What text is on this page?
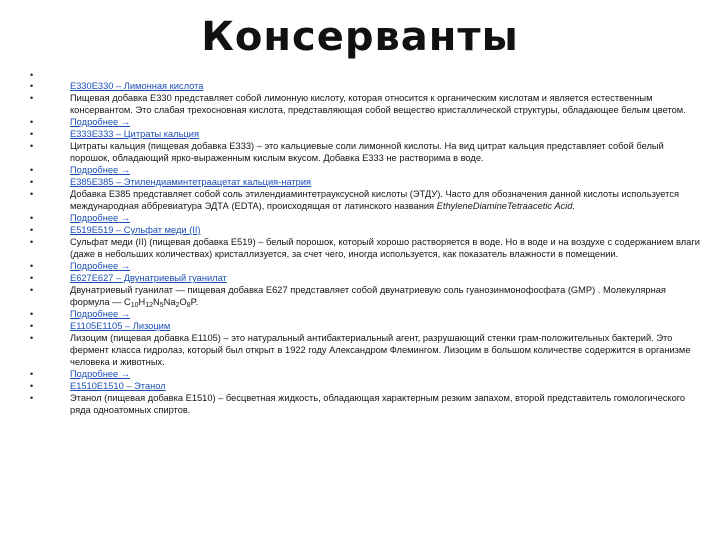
Консерванты
•
•	E330E330 – Лимонная кислота
•	Пищевая добавка Е330 представляет собой лимонную кислоту, которая относится к органическим кислотам и является естественным консервантом. Это слабая трехосновная кислота, представляющая собой вещество кристаллической структуры, обладающее белым цветом.
•	Подробнее →
•	E333E333 – Цитраты кальция
•	Цитраты кальция (пищевая добавка E333) – это кальциевые соли лимонной кислоты. На вид цитрат кальция представляет собой белый порошок, обладающий ярко-выраженным кислым вкусом. Добавка E333 не растворима в воде.
•	Подробнее →
•	E385E385 – Этилендиаминтетраацетат кальция-натрия
•	Добавка E385 представляет собой соль этилендиаминтетрауксусной кислоты (ЭТДУ). Часто для обозначения данной кислоты используется международная аббревиатура ЭДТА (EDTA), происходящая от латинского названия EthyleneDiamineTetraacetic Acid.
•	Подробнее →
•	E519E519 – Сульфат меди (II)
•	Сульфат меди (II) (пищевая добавка E519) – белый порошок, который хорошо растворяется в воде. Но в воде и на воздухе с содержанием влаги (даже в небольших количествах) кристаллизуется, за счет чего, иногда используется, как показатель влажности в помещении.
•	Подробнее →
•	E627E627 – Двунатриевый гуанилат
•	Двунатриевый гуанилат — пищевая добавка E627 представляет собой двунатриевую соль гуанозинмонофосфата (GMP) . Молекулярная формула — $C_{10}H_{12}N_5Na_2O_8P$.
•	Подробнее →
•	E1105E1105 – Лизоцим
•	Лизоцим (пищевая добавка E1105) – это натуральный антибактериальный агент, разрушающий стенки грам-положительных бактерий. Это фермент класса гидролаз, который был открыт в 1922 году Александром Флемингом. Лизоцим в большом количестве содержится в организме человека и животных.
•	Подробнее →
•	E1510E1510 – Этанол
•	Этанол (пищевая добавка E1510) – бесцветная жидкость, обладающая характерным резким запахом, второй представитель гомологического ряда одноатомных спиртов.
